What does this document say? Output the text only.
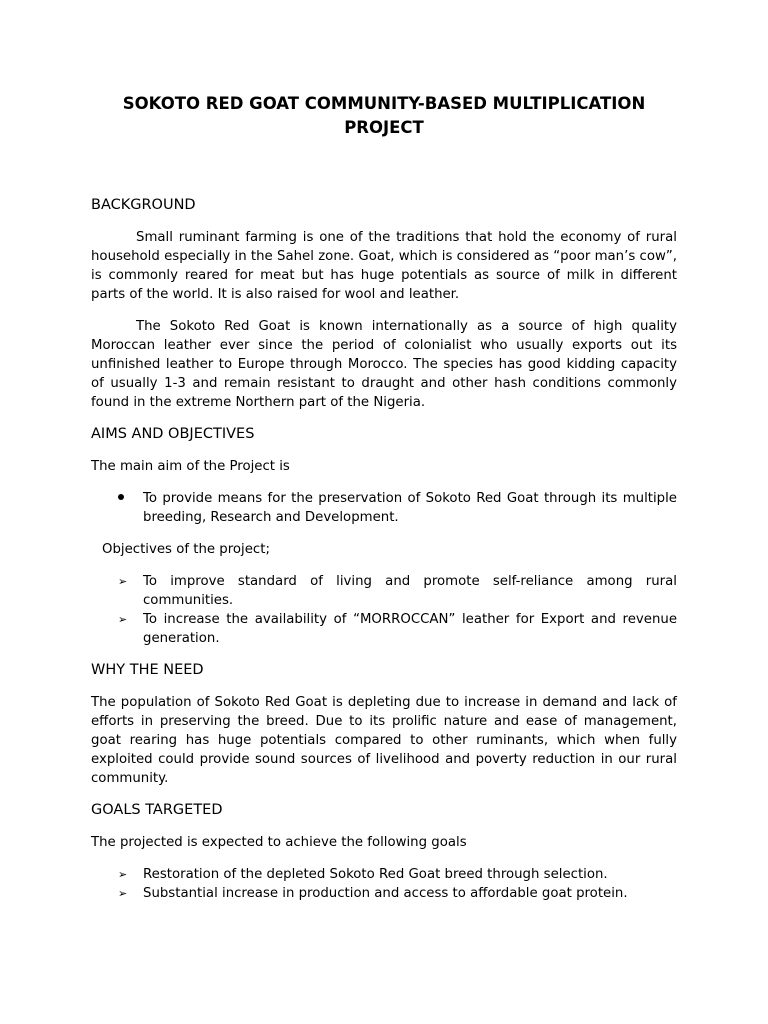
SOKOTO RED GOAT COMMUNITY-BASED MULTIPLICATION PROJECT
BACKGROUND

Small ruminant farming is one of the traditions that hold the economy of rural household especially in the Sahel zone. Goat, which is considered as “poor man’s cow”, is commonly reared for meat but has huge potentials as source of milk in different parts of the world. It is also raised for wool and leather.

The Sokoto Red Goat is known internationally as a source of high quality Moroccan leather ever since the period of colonialist who usually exports out its unfinished leather to Europe through Morocco. The species has good kidding capacity of usually 1-3 and remain resistant to draught and other hash conditions commonly found in the extreme Northern part of the Nigeria.

AIMS AND OBJECTIVES

The main aim of the Project is

To provide means for the preservation of Sokoto Red Goat through its multiple breeding, Research and Development.

Objectives of the project;

➢	To improve standard of living and promote self-reliance among rural communities.
➢	To increase the availability of “MORROCCAN” leather for Export and revenue generation.
WHY THE NEED

The population of Sokoto Red Goat is depleting due to increase in demand and lack of efforts in preserving the breed. Due to its prolific nature and ease of management, goat rearing has huge potentials compared to other ruminants, which when fully exploited could provide sound sources of livelihood and poverty reduction in our rural community.

GOALS TARGETED

The projected is expected to achieve the following goals

➢	Restoration of the depleted Sokoto Red Goat breed through selection.
➢	Substantial increase in production and access to affordable goat protein.
